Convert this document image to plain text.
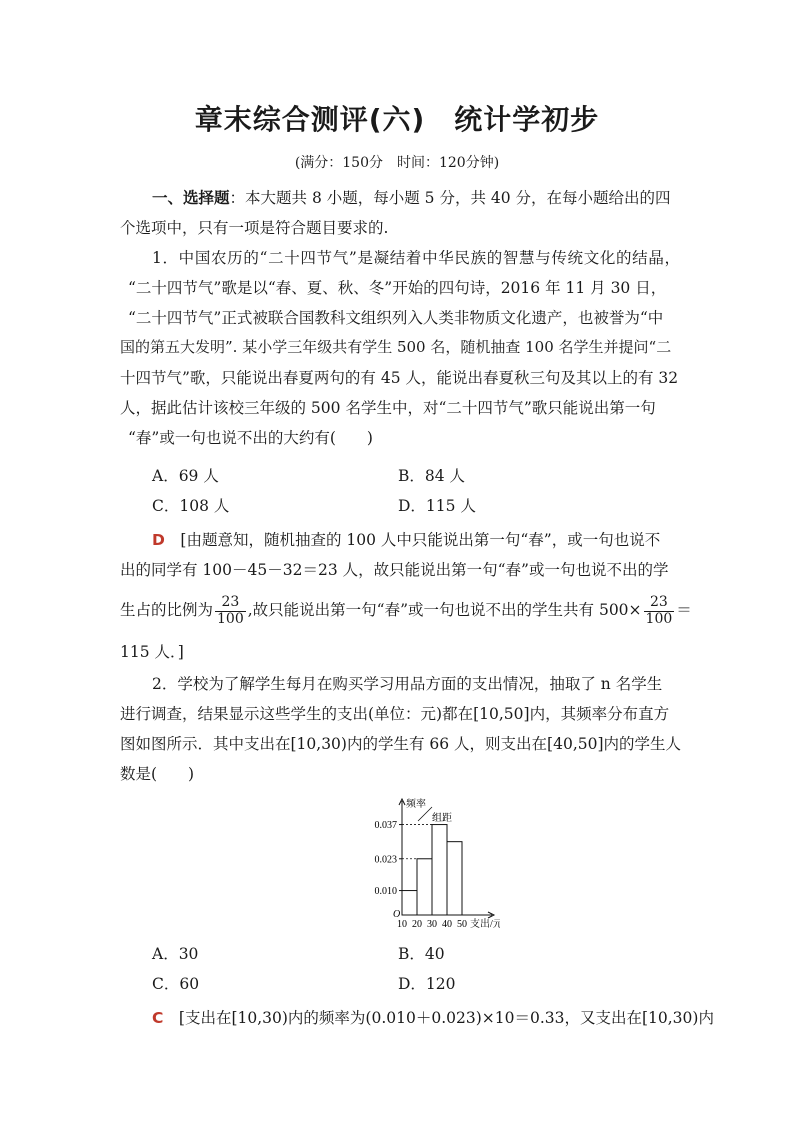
章末综合测评(六)　统计学初步
(满分：150分　时间：120分钟)
一、选择题：本大题共 8 小题，每小题 5 分，共 40 分，在每小题给出的四
个选项中，只有一项是符合题目要求的.
1．中国农历的“二十四节气”是凝结着中华民族的智慧与传统文化的结晶，
“二十四节气”歌是以“春、夏、秋、冬”开始的四句诗，2016 年 11 月 30 日，
“二十四节气”正式被联合国教科文组织列入人类非物质文化遗产，也被誉为“中
国的第五大发明”. 某小学三年级共有学生 500 名，随机抽查 100 名学生并提问“二
十四节气”歌，只能说出春夏两句的有 45 人，能说出春夏秋三句及其以上的有 32
人，据此估计该校三年级的 500 名学生中，对“二十四节气”歌只能说出第一句
“春”或一句也说不出的大约有(　　)
A．69 人	B．84 人
C．108 人	D．115 人
D　 [由题意知，随机抽查的 100 人中只能说出第一句“春”，或一句也说不
出的同学有 100－45－32＝23 人，故只能说出第一句“春”或一句也说不出的学
生占的比例为 $\frac{23}{100}$ ,故只能说出第一句“春”或一句也说不出的学生共有 $500\times \frac{23}{100}$ ＝
115 人．]
2．学校为了解学生每月在购买学习用品方面的支出情况，抽取了 n 名学生
进行调查，结果显示这些学生的支出(单位：元)都在[10,50]内，其频率分布直方
图如图所示．其中支出在[10,30)内的学生有 66 人，则支出在[40,50]内的学生人
数是(　　)
0.037
0.023
0.010
10 20 30 40 50 支出/元
O
频率
组距
A．30	B．40
C．60	D．120
C　 [支出在[10,30)内的频率为(0.010＋0.023)×10＝0.33，又支出在[10,30)内
